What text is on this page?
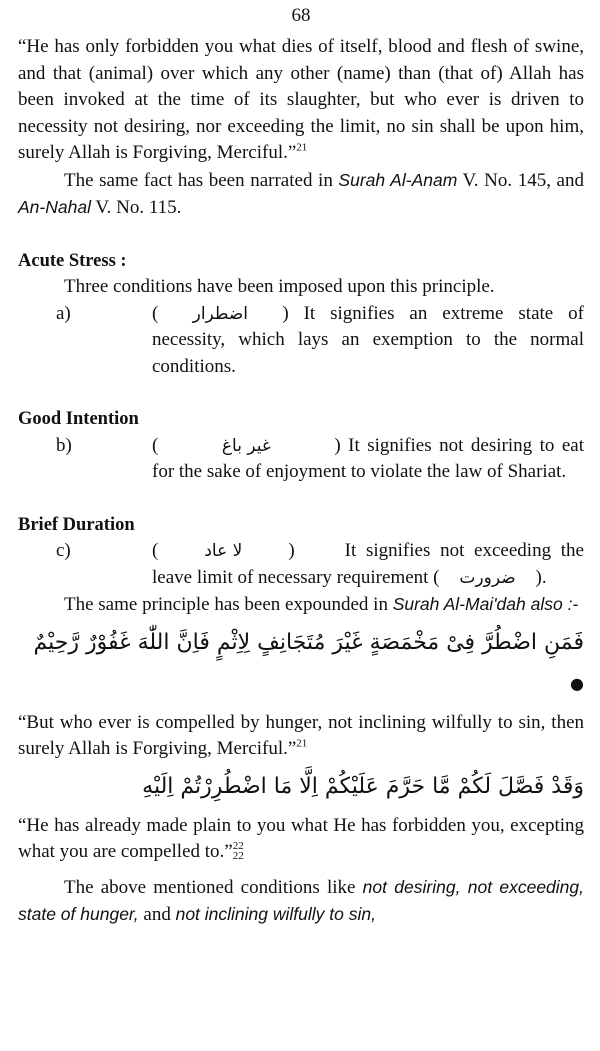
68

“He has only forbidden you what dies of itself, blood and flesh of swine, and that (animal) over which any other (name) than (that of) Allah has been invoked at the time of its slaughter, but who ever is driven to necessity not desiring, nor exceeding the limit, no sin shall be upon him, surely Allah is Forgiving, Merciful.”$^{21}$

The same fact has been narrated in Surah Al-Anam V. No. 145, and An-Nahal V. No. 115.

Acute Stress :

Three conditions have been imposed upon this principle.

a)	( اضطرار ) It signifies an extreme state of necessity, which lays an exemption to the normal conditions.

Good Intention

b)	(	غير باغ	) It signifies not desiring to eat for the sake of enjoyment to violate the law of Shariat.

Brief Duration

c)	(	لا عاد )	It signifies not exceeding the leave limit of necessary requirement ( ضرورت ).

The same principle has been expounded in Surah Al-Mai'dah also :-

فَمَنِ اضْطُرَّ فِىْ مَخْمَصَةٍ غَيْرَ مُتَجَانِفٍ لِاِثْمٍ فَاِنَّ اللّٰهَ غَفُوْرٌ رَّحِيْمٌ ●

“But who ever is compelled by hunger, not inclining wilfully to sin, then surely Allah is Forgiving, Merciful.”$^{21}$

وَقَدْ فَصَّلَ لَكُمْ مَّا حَرَّمَ عَلَيْكُمْ اِلَّا مَا اضْطُرِرْتُمْ اِلَيْهِ

“He has already made plain to you what He has forbidden you, excepting what you are compelled to.” 22
22

The above mentioned conditions like not desiring, not exceeding, state of hunger, and not inclining wilfully to sin,
